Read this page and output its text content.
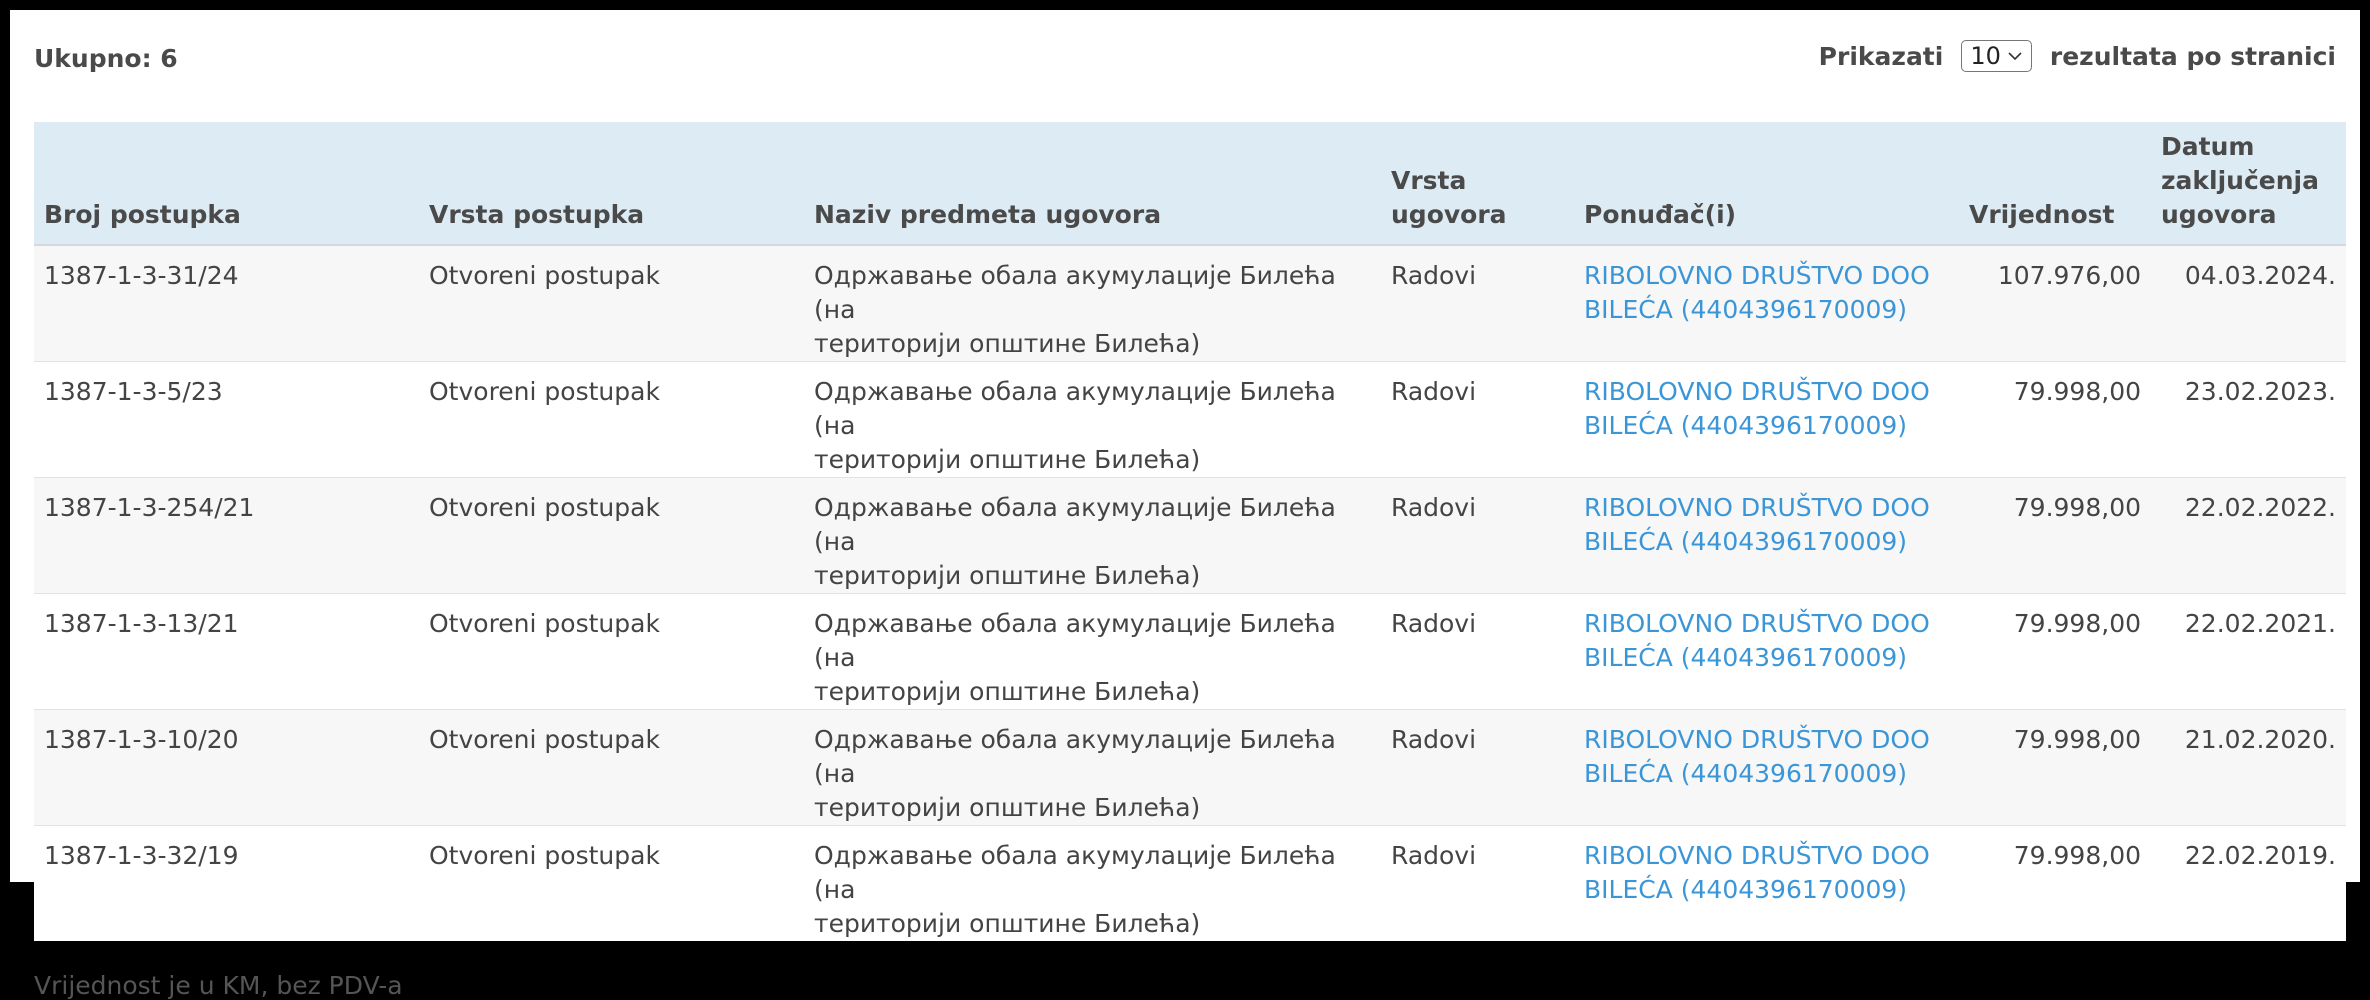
Ukupno: 6	Prikazati 10 rezultata po stranici
Broj postupka	Vrsta postupka	Naziv predmeta ugovora	Vrsta
ugovora	Ponuđač(i)	Vrijednost	Datum
zaključenja
ugovora
1387-1-3-31/24	Otvoreni postupak	Одржавање обала акумулације Билећа (на
територији општине Билећа)	Radovi	RIBOLOVNO DRUŠTVO DOO
BILEĆA (4404396170009)	107.976,00	04.03.2024.
1387-1-3-5/23	Otvoreni postupak	Одржавање обала акумулације Билећа (на
територији општине Билећа)	Radovi	RIBOLOVNO DRUŠTVO DOO
BILEĆA (4404396170009)	79.998,00	23.02.2023.
1387-1-3-254/21	Otvoreni postupak	Одржавање обала акумулације Билећа (на
територији општине Билећа)	Radovi	RIBOLOVNO DRUŠTVO DOO
BILEĆA (4404396170009)	79.998,00	22.02.2022.
1387-1-3-13/21	Otvoreni postupak	Одржавање обала акумулације Билећа (на
територији општине Билећа)	Radovi	RIBOLOVNO DRUŠTVO DOO
BILEĆA (4404396170009)	79.998,00	22.02.2021.
1387-1-3-10/20	Otvoreni postupak	Одржавање обала акумулације Билећа (на
територији општине Билећа)	Radovi	RIBOLOVNO DRUŠTVO DOO
BILEĆA (4404396170009)	79.998,00	21.02.2020.
1387-1-3-32/19	Otvoreni postupak	Одржавање обала акумулације Билећа (на
територији општине Билећа)	Radovi	RIBOLOVNO DRUŠTVO DOO
BILEĆA (4404396170009)	79.998,00	22.02.2019.
Vrijednost je u KM, bez PDV-a
